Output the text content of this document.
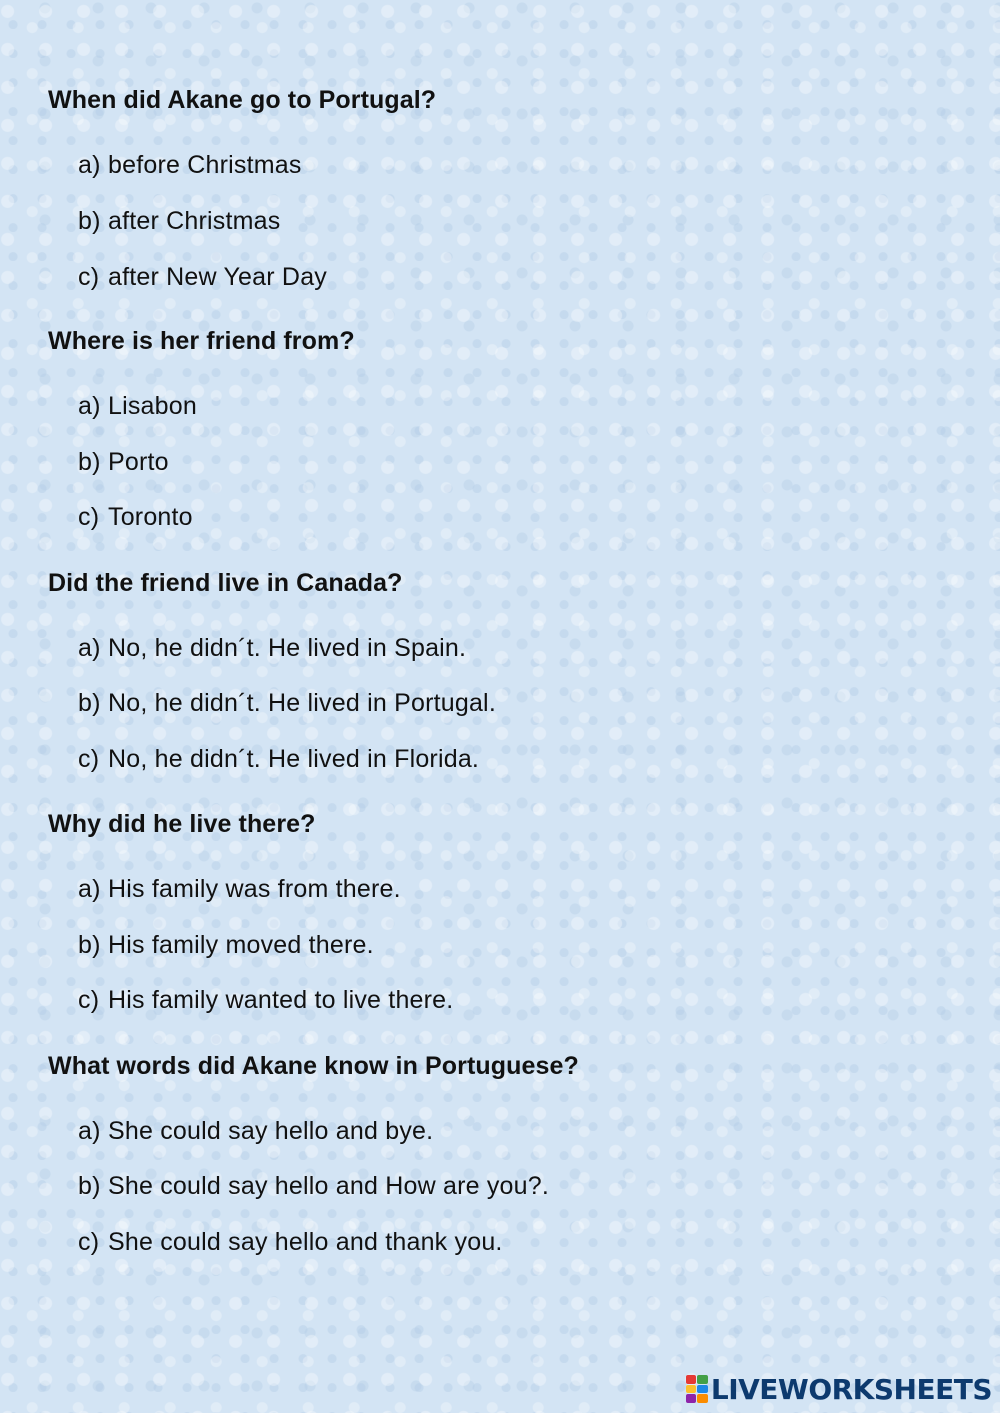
When did Akane go to Portugal?
a) before Christmas
b) after Christmas
c) after New Year Day
Where is her friend from?
a) Lisabon
b) Porto
c) Toronto
Did the friend live in Canada?
a) No, he didn´t. He lived in Spain.
b) No, he didn´t. He lived in Portugal.
c) No, he didn´t. He lived in Florida.
Why did he live there?
a) His family was from there.
b) His family moved there.
c) His family wanted to live there.
What words did Akane know in Portuguese?
a) She could say hello and bye.
b) She could say hello and How are you?.
c) She could say hello and thank you.
LIVEWORKSHEETS
